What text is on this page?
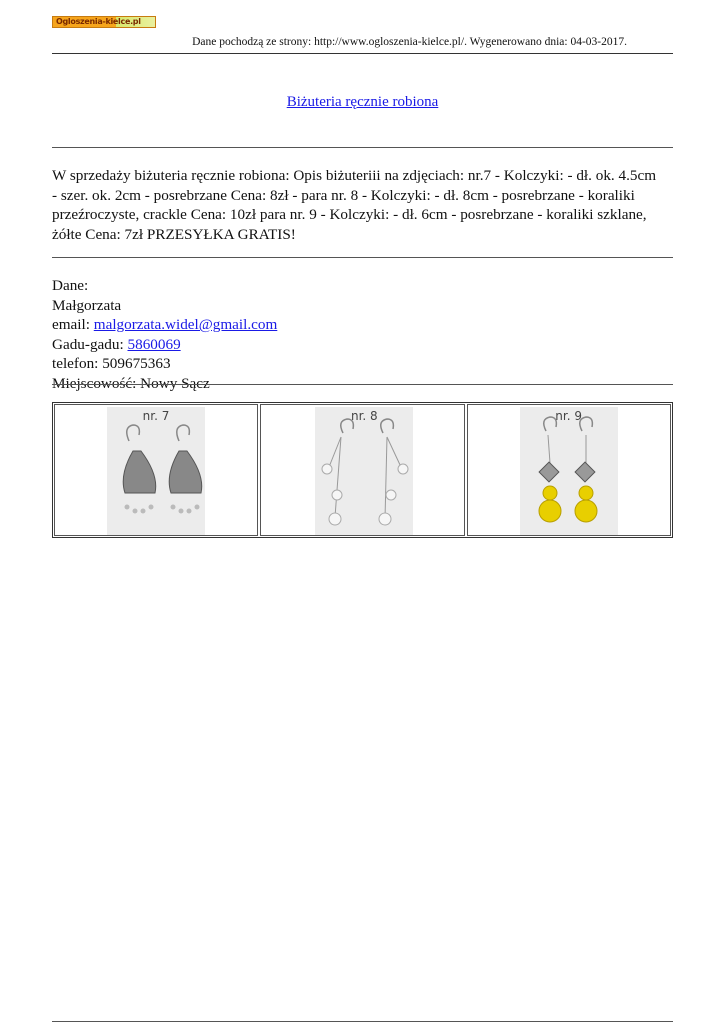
Ogloszenia-kielce.pl
Dane pochodzą ze strony: http://www.ogloszenia-kielce.pl/. Wygenerowano dnia: 04-03-2017.
Biżuteria ręcznie robiona
W sprzedaży biżuteria ręcznie robiona: Opis biżuteriii na zdjęciach: nr.7 - Kolczyki: - dł. ok. 4.5cm - szer. ok. 2cm - posrebrzane Cena: 8zł - para nr. 8 - Kolczyki: - dł. 8cm - posrebrzane - koraliki przeźroczyste, crackle Cena: 10zł para nr. 9 - Kolczyki: - dł. 6cm - posrebrzane - koraliki szklane, żółte Cena: 7zł PRZESYŁKA GRATIS!
Dane:
Małgorzata
email: malgorzata.widel@gmail.com
Gadu-gadu: 5860069
telefon: 509675363
Miejscowość: Nowy Sącz
nr. 7	nr. 8	nr. 9
